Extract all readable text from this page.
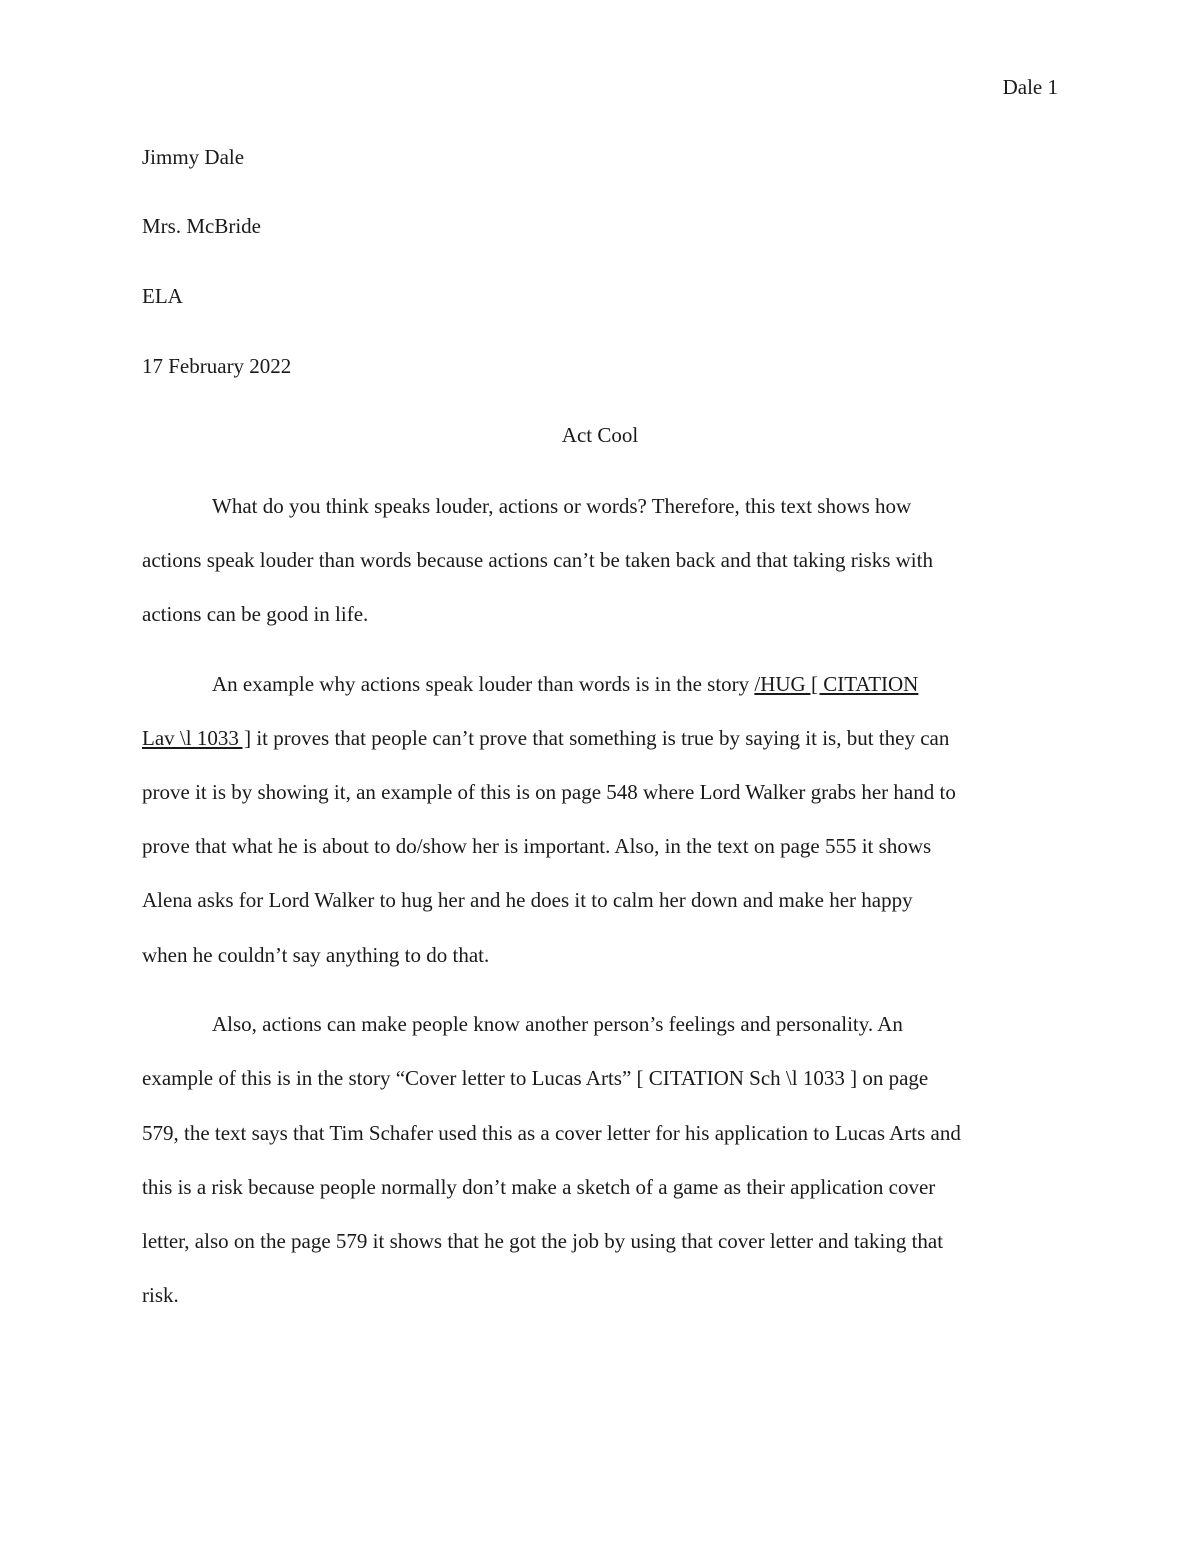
Dale 1
Jimmy Dale
Mrs. McBride
ELA
17 February 2022
Act Cool
What do you think speaks louder, actions or words? Therefore, this text shows how
actions speak louder than words because actions can’t be taken back and that taking risks with
actions can be good in life.
An example why actions speak louder than words is in the story /HUG [ CITATION
Lav \l 1033 ] it proves that people can’t prove that something is true by saying it is, but they can
prove it is by showing it, an example of this is on page 548 where Lord Walker grabs her hand to
prove that what he is about to do/show her is important. Also, in the text on page 555 it shows
Alena asks for Lord Walker to hug her and he does it to calm her down and make her happy
when he couldn’t say anything to do that.
Also, actions can make people know another person’s feelings and personality. An
example of this is in the story “Cover letter to Lucas Arts” [ CITATION Sch \l 1033 ] on page
579, the text says that Tim Schafer used this as a cover letter for his application to Lucas Arts and
this is a risk because people normally don’t make a sketch of a game as their application cover
letter, also on the page 579 it shows that he got the job by using that cover letter and taking that
risk.
